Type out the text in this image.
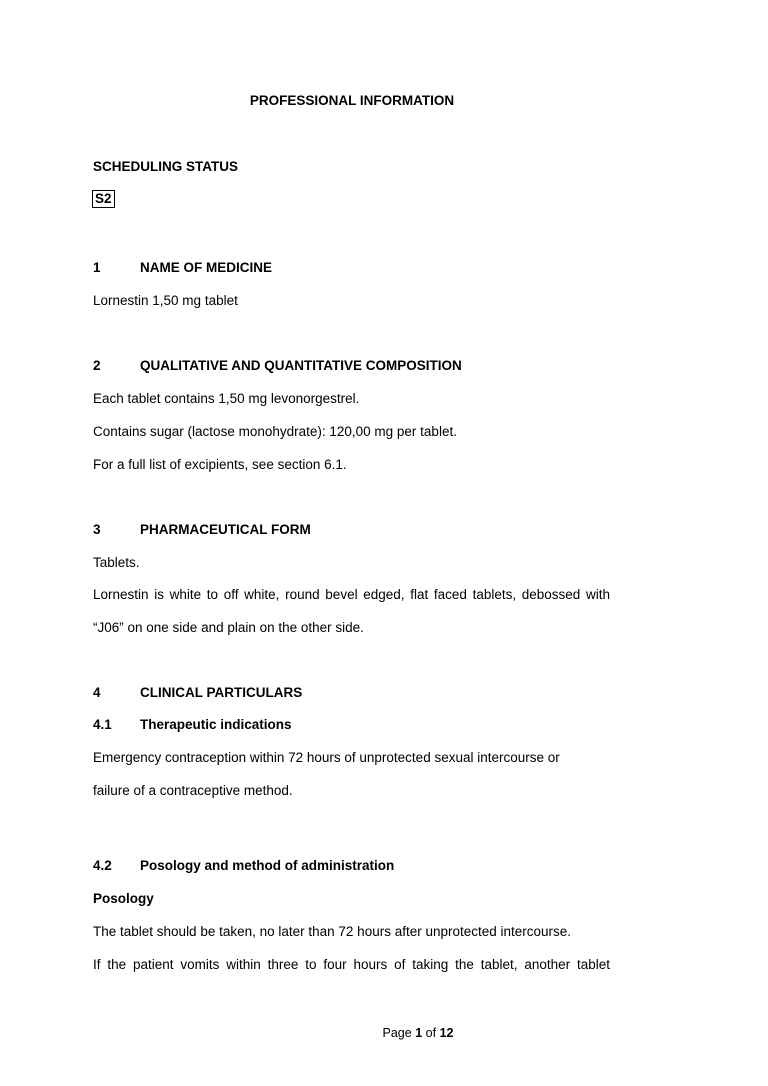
PROFESSIONAL INFORMATION
SCHEDULING STATUS
S2
1	NAME OF MEDICINE
Lornestin 1,50 mg tablet
2	QUALITATIVE AND QUANTITATIVE COMPOSITION
Each tablet contains 1,50 mg levonorgestrel.
Contains sugar (lactose monohydrate): 120,00 mg per tablet.
For a full list of excipients, see section 6.1.
3	PHARMACEUTICAL FORM
Tablets.
Lornestin is white to off white, round bevel edged, flat faced tablets, debossed with
“J06” on one side and plain on the other side.
4	CLINICAL PARTICULARS
4.1 Therapeutic indications
Emergency contraception within 72 hours of unprotected sexual intercourse or
failure of a contraceptive method.
4.2 Posology and method of administration
Posology
The tablet should be taken, no later than 72 hours after unprotected intercourse.
If the patient vomits within three to four hours of taking the tablet, another tablet
Page 1 of 12
